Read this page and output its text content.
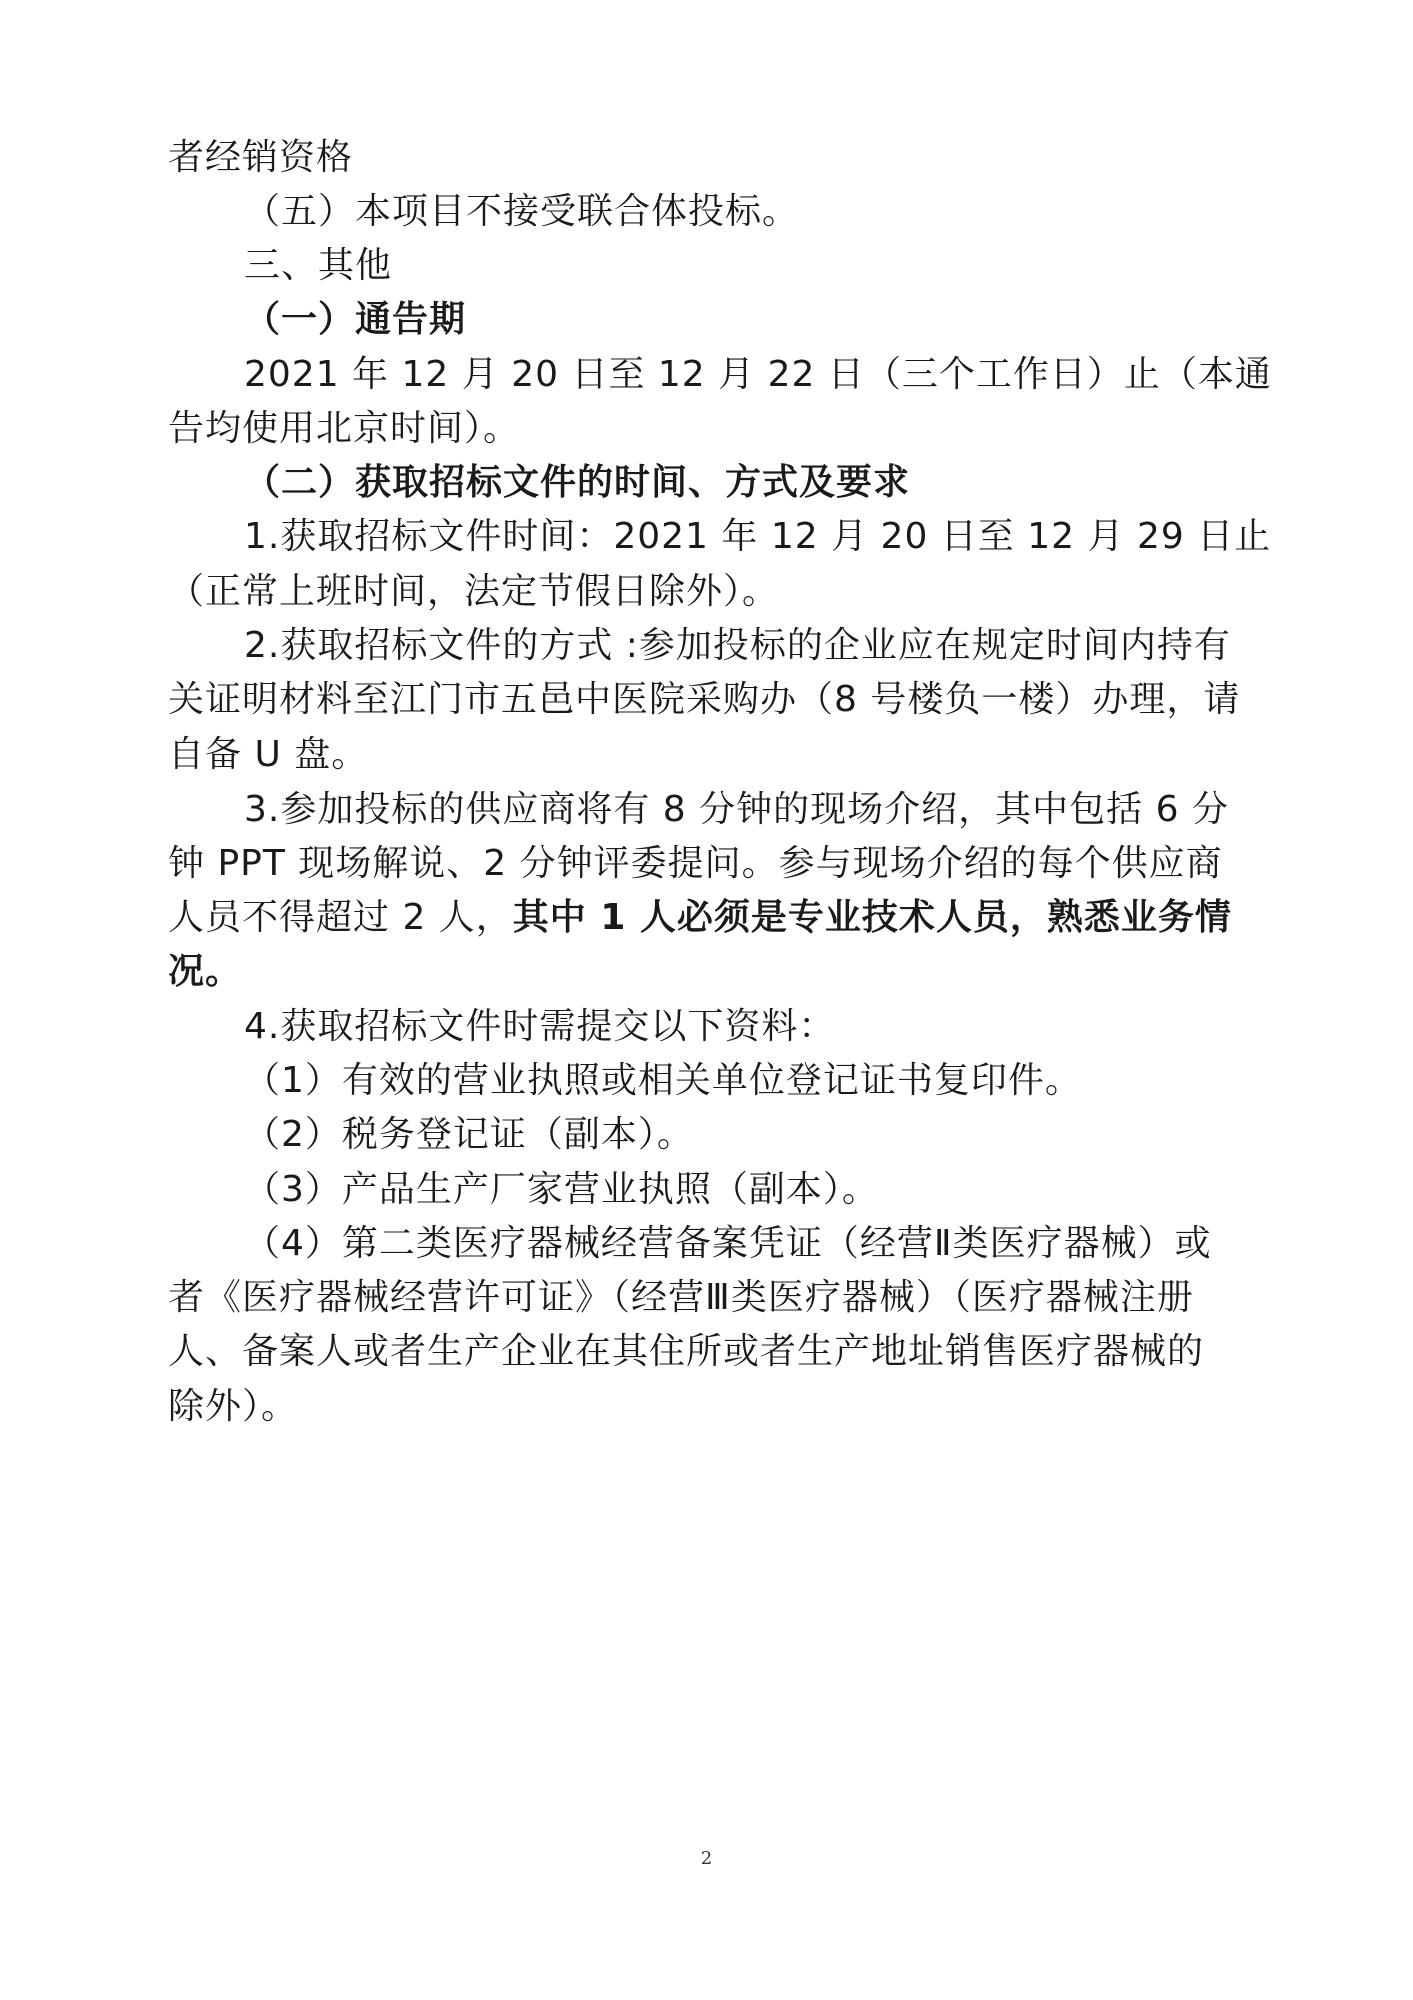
者经销资格
（五）本项目不接受联合体投标。
三、其他
（一）通告期
2021 年 12 月 20 日至 12 月 22 日（三个工作日）止（本通
告均使用北京时间）。
（二）获取招标文件的时间、方式及要求
1.获取招标文件时间：2021 年 12 月 20 日至 12 月 29 日止
（正常上班时间，法定节假日除外）。
2.获取招标文件的方式 :参加投标的企业应在规定时间内持有
关证明材料至江门市五邑中医院采购办（8 号楼负一楼）办理，请
自备 U 盘。
3.参加投标的供应商将有 8 分钟的现场介绍，其中包括 6 分
钟 PPT 现场解说、2 分钟评委提问。参与现场介绍的每个供应商
人员不得超过 2 人，其中 1 人必须是专业技术人员，熟悉业务情
况。
4.获取招标文件时需提交以下资料：
（1）有效的营业执照或相关单位登记证书复印件。
（2）税务登记证（副本）。
（3）产品生产厂家营业执照（副本）。
（4）第二类医疗器械经营备案凭证（经营Ⅱ类医疗器械）或
者《医疗器械经营许可证》（经营Ⅲ类医疗器械）（医疗器械注册
人、备案人或者生产企业在其住所或者生产地址销售医疗器械的
除外）。
2
